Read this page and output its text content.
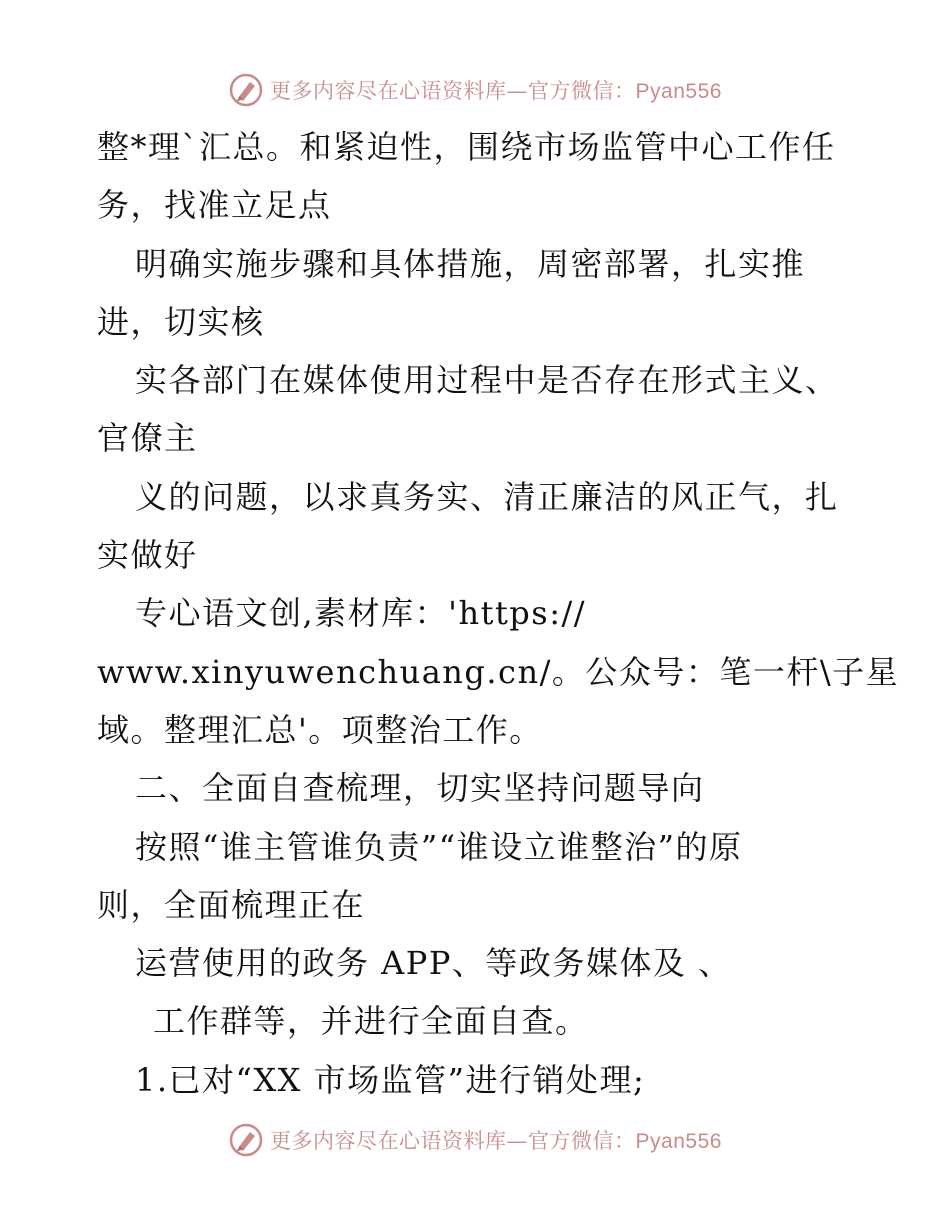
更多内容尽在心语资料库—官方微信：Pyan556
整*理`汇总。和紧迫性，围绕市场监管中心工作任
务，找准立足点
明确实施步骤和具体措施，周密部署，扎实推
进，切实核
实各部门在媒体使用过程中是否存在形式主义、
官僚主
义的问题，以求真务实、清正廉洁的风正气，扎
实做好
专心语文创,素材库：'https://
www.xinyuwenchuang.cn/。公众号：笔一杆\子星
域。整理汇总'。项整治工作。
二、全面自查梳理，切实坚持问题导向
按照“谁主管谁负责”“谁设立谁整治”的原
则，全面梳理正在
运营使用的政务 APP、等政务媒体及 、
工作群等，并进行全面自查。
1.已对“XX 市场监管”进行销处理;
更多内容尽在心语资料库—官方微信：Pyan556
